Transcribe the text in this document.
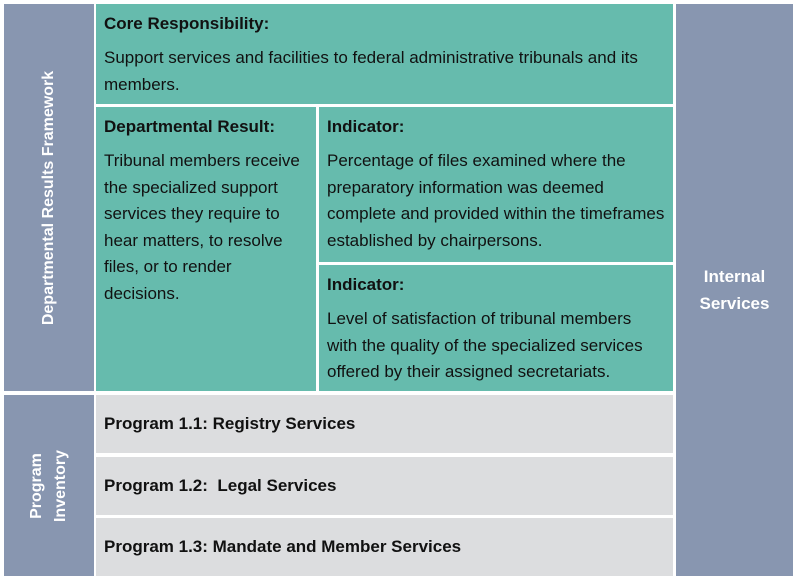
Departmental Results Framework
Program Inventory

Core Responsibility:

Support services and facilities to federal administrative tribunals and its members.

Departmental Result:

Tribunal members receive the specialized support services they require to hear matters, to resolve files, or to render decisions.

Indicator:

Percentage of files examined where the preparatory information was deemed complete and provided within the timeframes established by chairpersons.

Indicator:

Level of satisfaction of tribunal members with the quality of the specialized services offered by their assigned secretariats.

Program 1.1: Registry Services
Program 1.2:  Legal Services
Program 1.3: Mandate and Member Services
Internal
Services
